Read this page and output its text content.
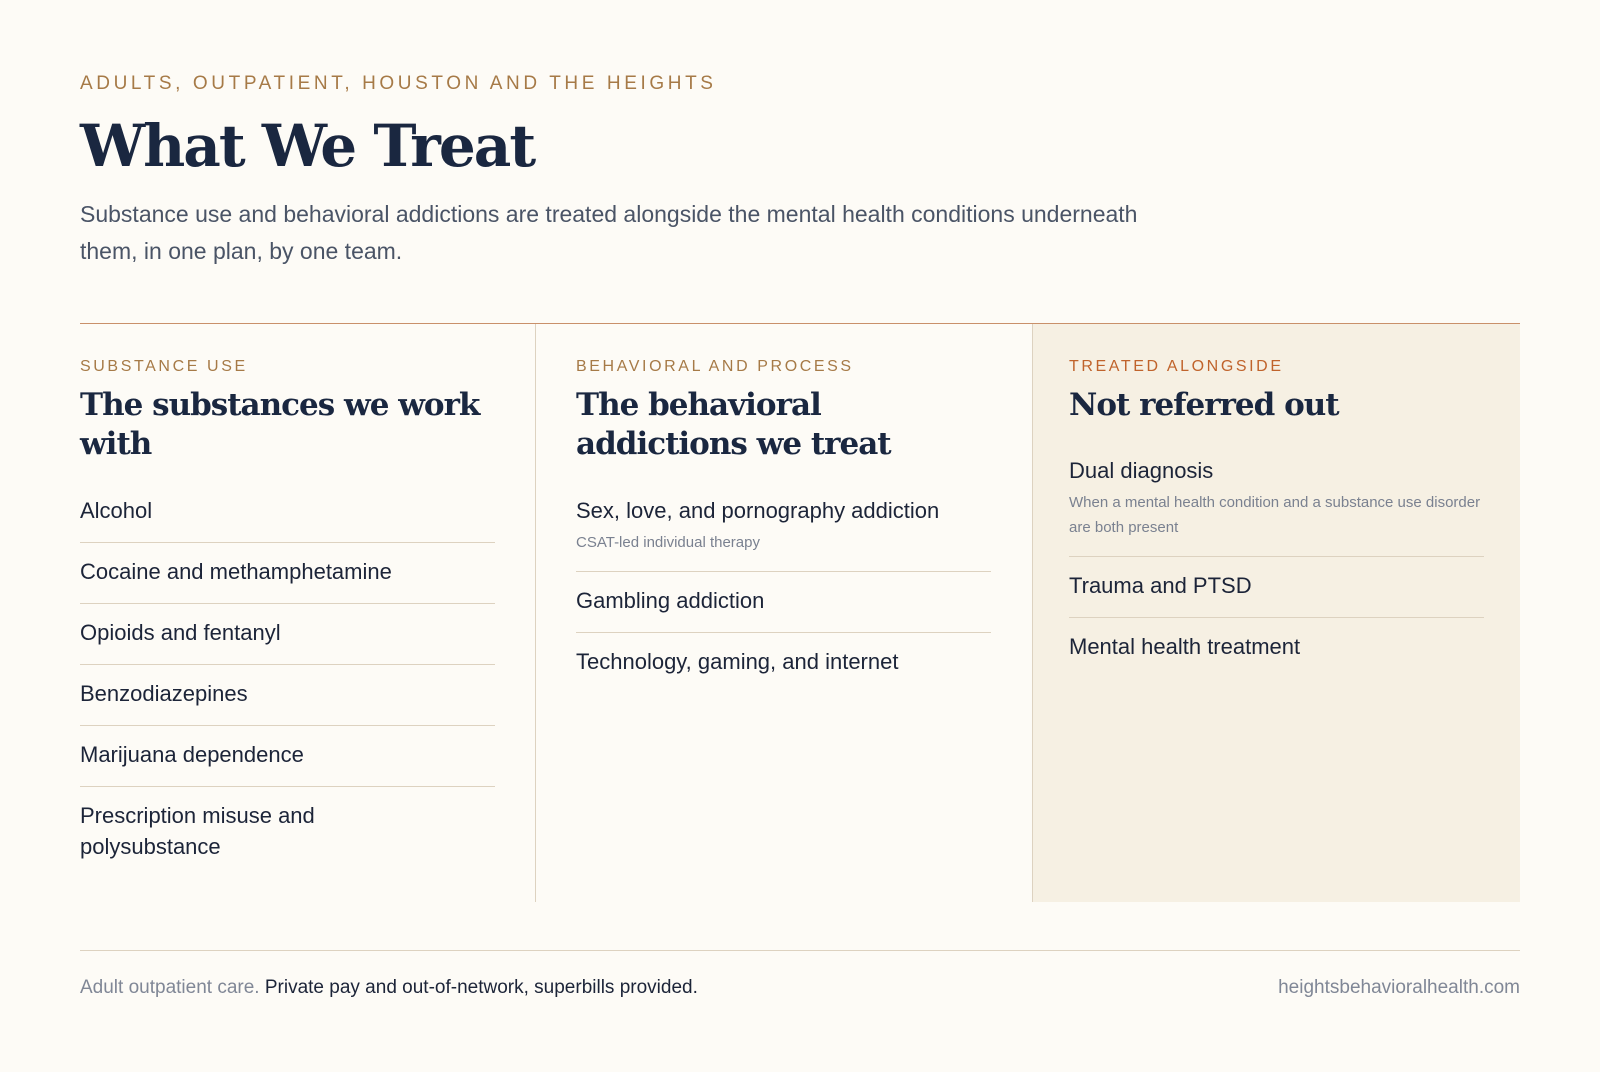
ADULTS, OUTPATIENT, HOUSTON AND THE HEIGHTS
What We Treat

Substance use and behavioral addictions are treated alongside the mental health conditions underneath them, in one plan, by one team.

SUBSTANCE USE
The substances we work with
Alcohol
Cocaine and methamphetamine
Opioids and fentanyl
Benzodiazepines
Marijuana dependence
Prescription misuse and polysubstance
BEHAVIORAL AND PROCESS
The behavioral addictions we treat
Sex, love, and pornography addiction
CSAT-led individual therapy
Gambling addiction
Technology, gaming, and internet
TREATED ALONGSIDE
Not referred out
Dual diagnosis
When a mental health condition and a substance use disorder are both present
Trauma and PTSD
Mental health treatment
Adult outpatient care. Private pay and out-of-network, superbills provided.	heightsbehavioralhealth.com
